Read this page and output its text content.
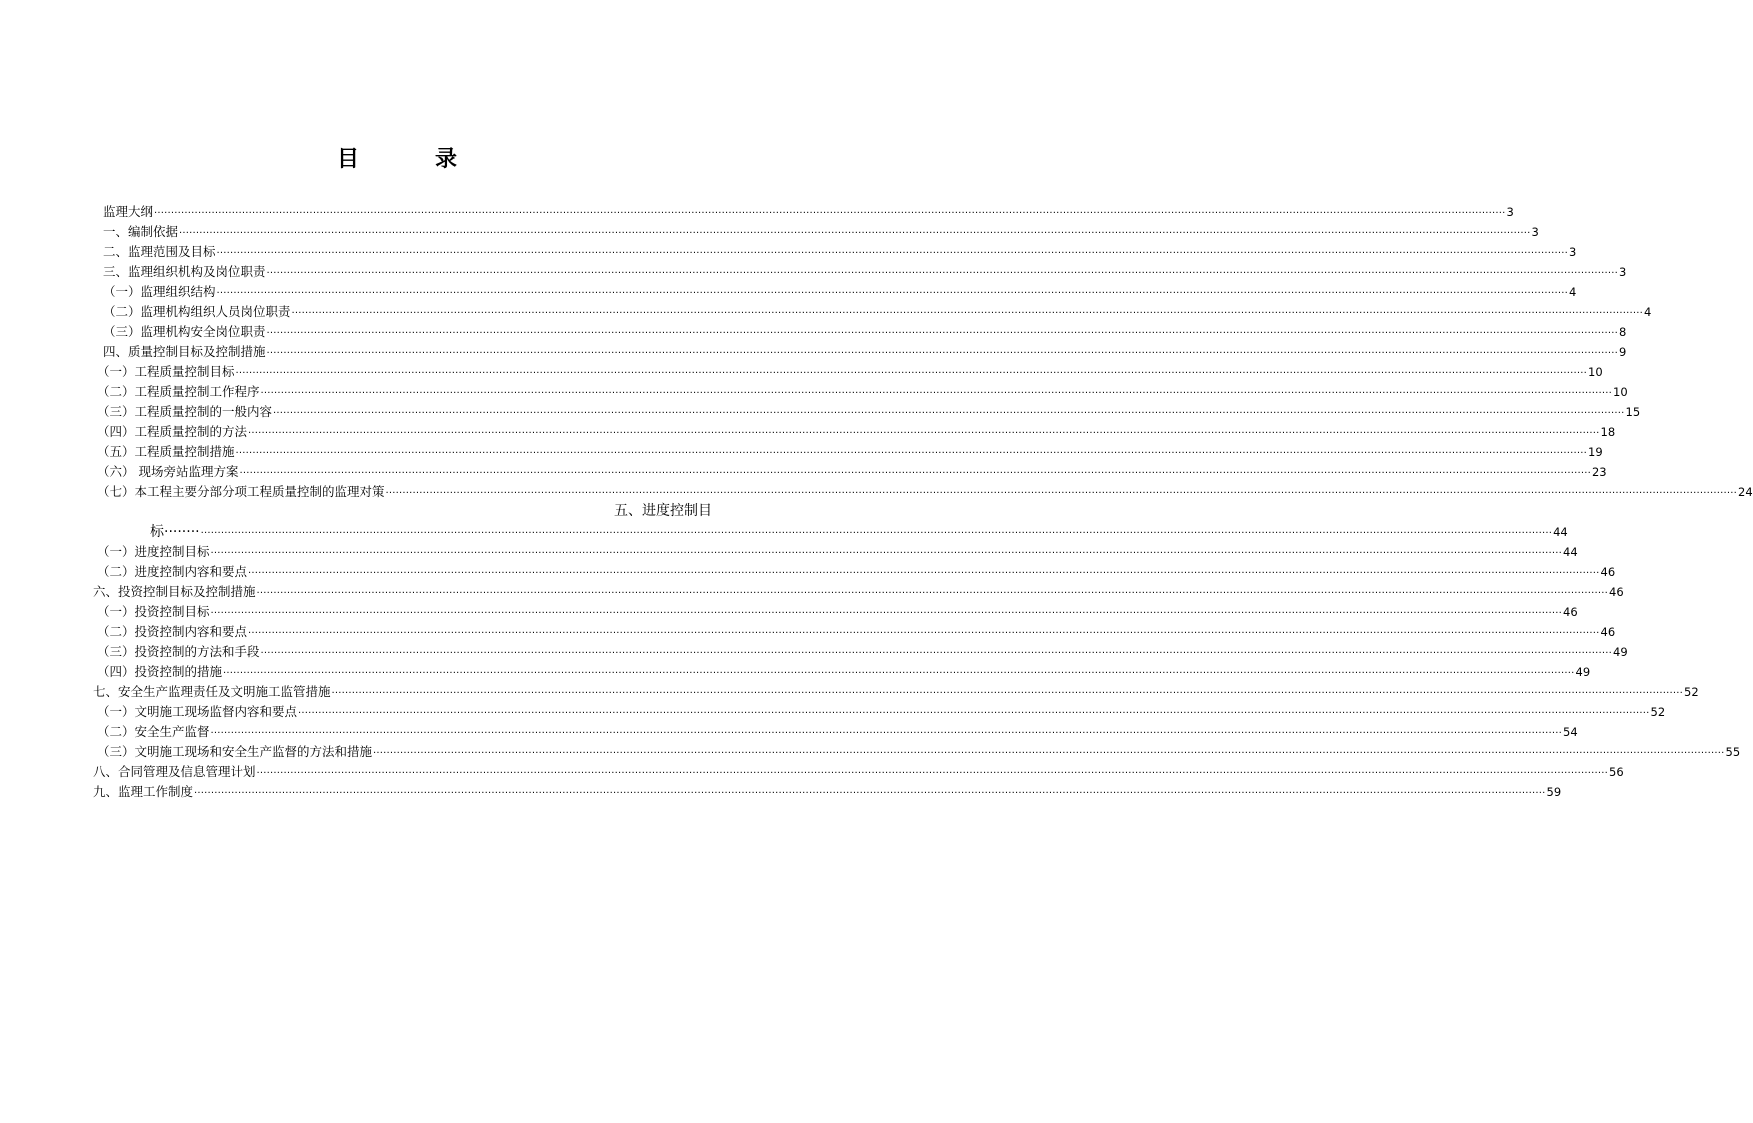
目	录
监理大纲 ················································································································································································································································································································································································································ 3
一、编制依据 ················································································································································································································································································································································································································ 3
二、监理范围及目标 ················································································································································································································································································································································································································ 3
三、监理组织机构及岗位职责 ················································································································································································································································································································································································································ 3
（一）监理组织结构 ················································································································································································································································································································································································································ 4
（二）监理机构组织人员岗位职责 ················································································································································································································································································································································································································ 4
（三）监理机构安全岗位职责 ················································································································································································································································································································································································································ 8
四、质量控制目标及控制措施 ················································································································································································································································································································································································································ 9
（一）工程质量控制目标 ················································································································································································································································································································································································································ 10
（二）工程质量控制工作程序 ················································································································································································································································································································································································································ 10
（三）工程质量控制的一般内容 ················································································································································································································································································································································································································ 15
（四）工程质量控制的方法 ················································································································································································································································································································································································································ 18
（五）工程质量控制措施 ················································································································································································································································································································································································································ 19
（六） 现场旁站监理方案 ················································································································································································································································································································································································································ 23
（七）本工程主要分部分项工程质量控制的监理对策 ················································································································································································································································································································································································································ 24
五、进度控制目
标········ ················································································································································································································································································································································································································ 44
（一）进度控制目标 ················································································································································································································································································································································································································ 44
（二）进度控制内容和要点 ················································································································································································································································································································································································································ 46
六、投资控制目标及控制措施 ················································································································································································································································································································································································································ 46
（一）投资控制目标 ················································································································································································································································································································································································································ 46
（二）投资控制内容和要点 ················································································································································································································································································································································································································ 46
（三）投资控制的方法和手段 ················································································································································································································································································································································································································ 49
（四）投资控制的措施 ················································································································································································································································································································································································································ 49
七、安全生产监理责任及文明施工监管措施 ················································································································································································································································································································································································································ 52
（一）文明施工现场监督内容和要点 ················································································································································································································································································································································································································ 52
（二）安全生产监督 ················································································································································································································································································································································································································ 54
（三）文明施工现场和安全生产监督的方法和措施 ················································································································································································································································································································································································································ 55
八、合同管理及信息管理计划 ················································································································································································································································································································································································································ 56
九、监理工作制度 ················································································································································································································································································································································································································ 59
